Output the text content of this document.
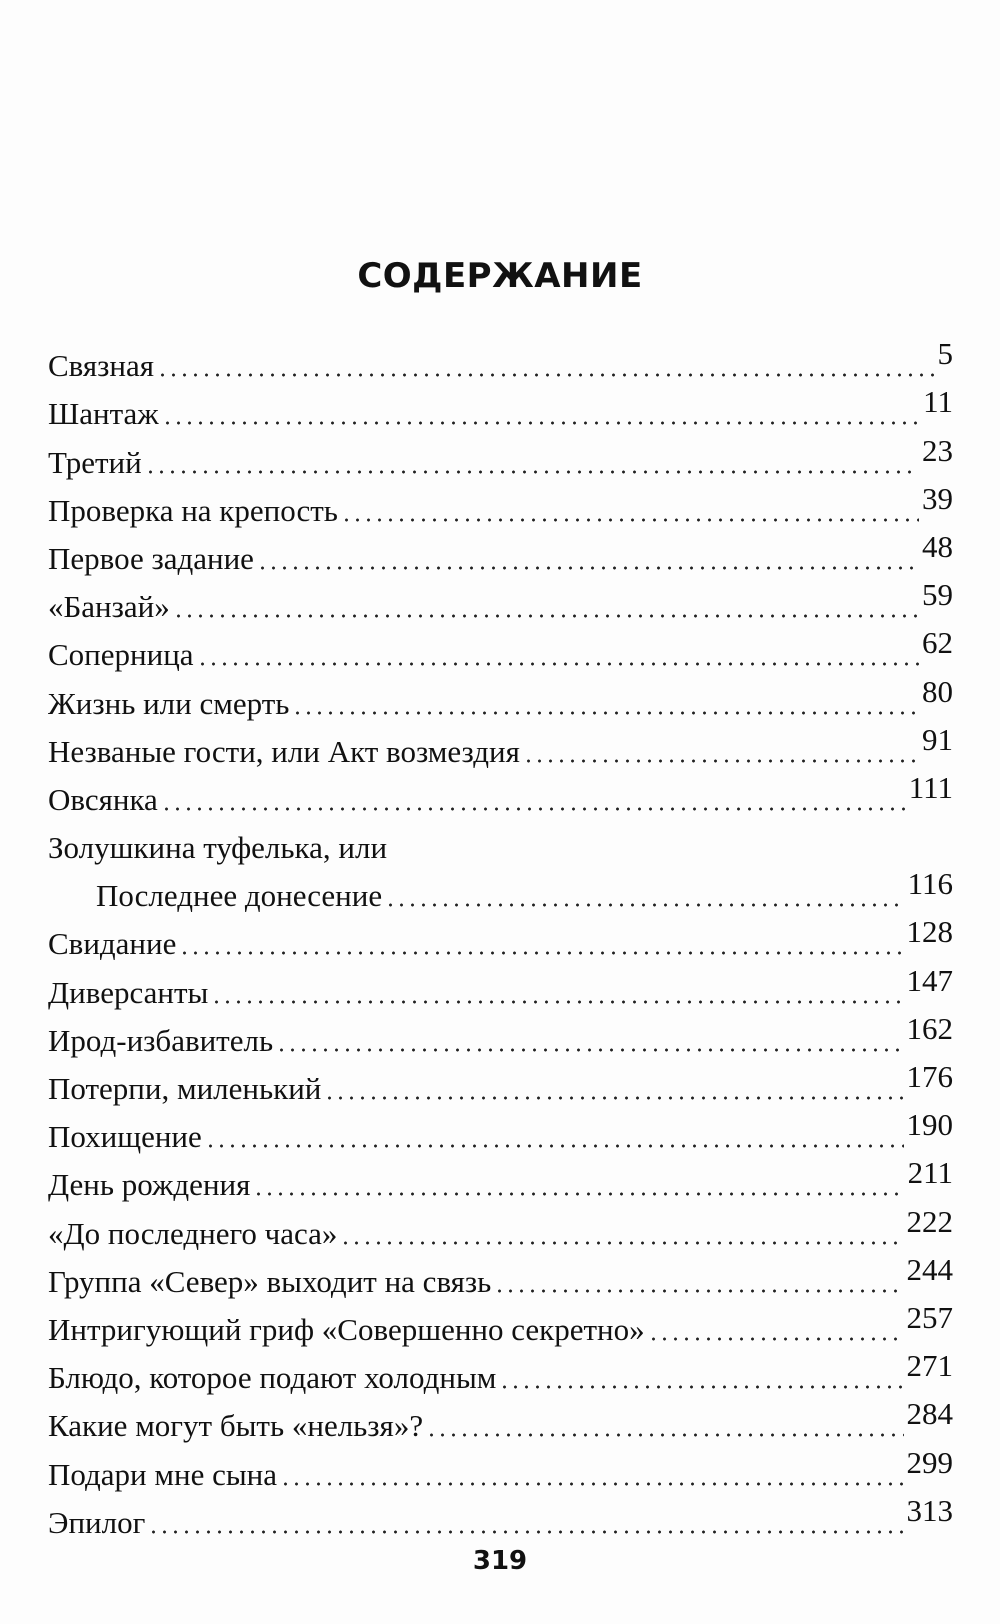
СОДЕРЖАНИЕ
Связная	5
Шантаж	11
Третий	23
Проверка на крепость	39
Первое задание	48
«Банзай»	59
Соперница	62
Жизнь или смерть	80
Незваные гости, или Акт возмездия	91
Овсянка	111
Золушкина туфелька, или
Последнее донесение	116
Свидание	128
Диверсанты	147
Ирод-избавитель	162
Потерпи, миленький	176
Похищение	190
День рождения	211
«До последнего часа»	222
Группа «Север» выходит на связь	244
Интригующий гриф «Совершенно секретно»	257
Блюдо, которое подают холодным	271
Какие могут быть «нельзя»?	284
Подари мне сына	299
Эпилог	313
319
